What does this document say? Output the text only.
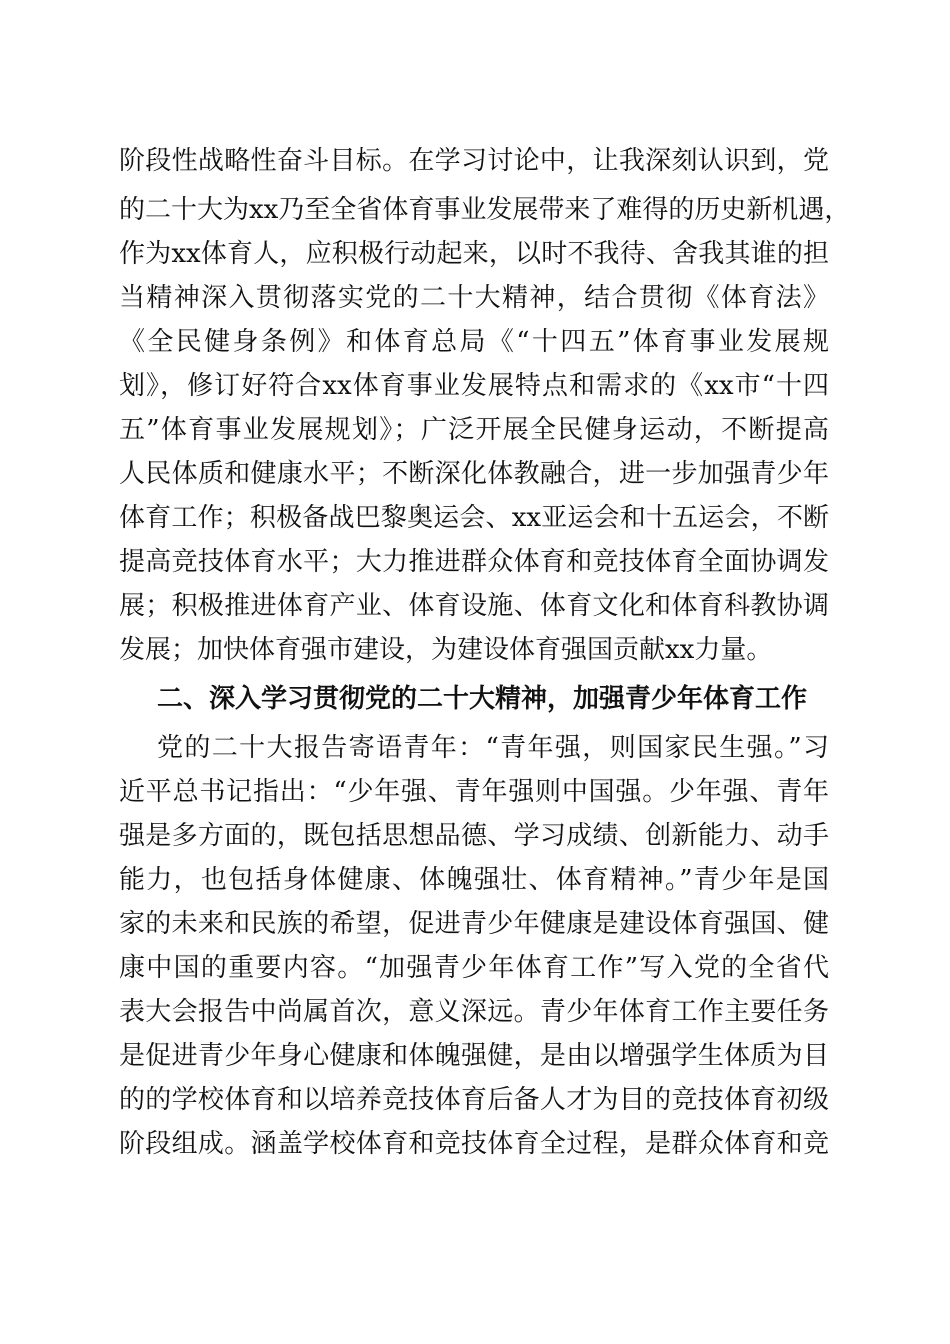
阶段性战略性奋斗目标。在学习讨论中，让我深刻认识到，党
的二十大为xx乃至全省体育事业发展带来了难得的历史新机遇，
作为xx体育人，应积极行动起来，以时不我待、舍我其谁的担
当精神深入贯彻落实党的二十大精神，结合贯彻《体育法》
《全民健身条例》和体育总局《“十四五”体育事业发展规
划》，修订好符合xx体育事业发展特点和需求的《xx市“十四
五”体育事业发展规划》；广泛开展全民健身运动，不断提高
人民体质和健康水平；不断深化体教融合，进一步加强青少年
体育工作；积极备战巴黎奥运会、xx亚运会和十五运会，不断
提高竞技体育水平；大力推进群众体育和竞技体育全面协调发
展；积极推进体育产业、体育设施、体育文化和体育科教协调
发展；加快体育强市建设，为建设体育强国贡献xx力量。
二、深入学习贯彻党的二十大精神，加强青少年体育工作
党的二十大报告寄语青年：“青年强，则国家民生强。”习
近平总书记指出：“少年强、青年强则中国强。少年强、青年
强是多方面的，既包括思想品德、学习成绩、创新能力、动手
能力，也包括身体健康、体魄强壮、体育精神。”青少年是国
家的未来和民族的希望，促进青少年健康是建设体育强国、健
康中国的重要内容。“加强青少年体育工作”写入党的全省代
表大会报告中尚属首次，意义深远。青少年体育工作主要任务
是促进青少年身心健康和体魄强健，是由以增强学生体质为目
的的学校体育和以培养竞技体育后备人才为目的竞技体育初级
阶段组成。涵盖学校体育和竞技体育全过程，是群众体育和竞
